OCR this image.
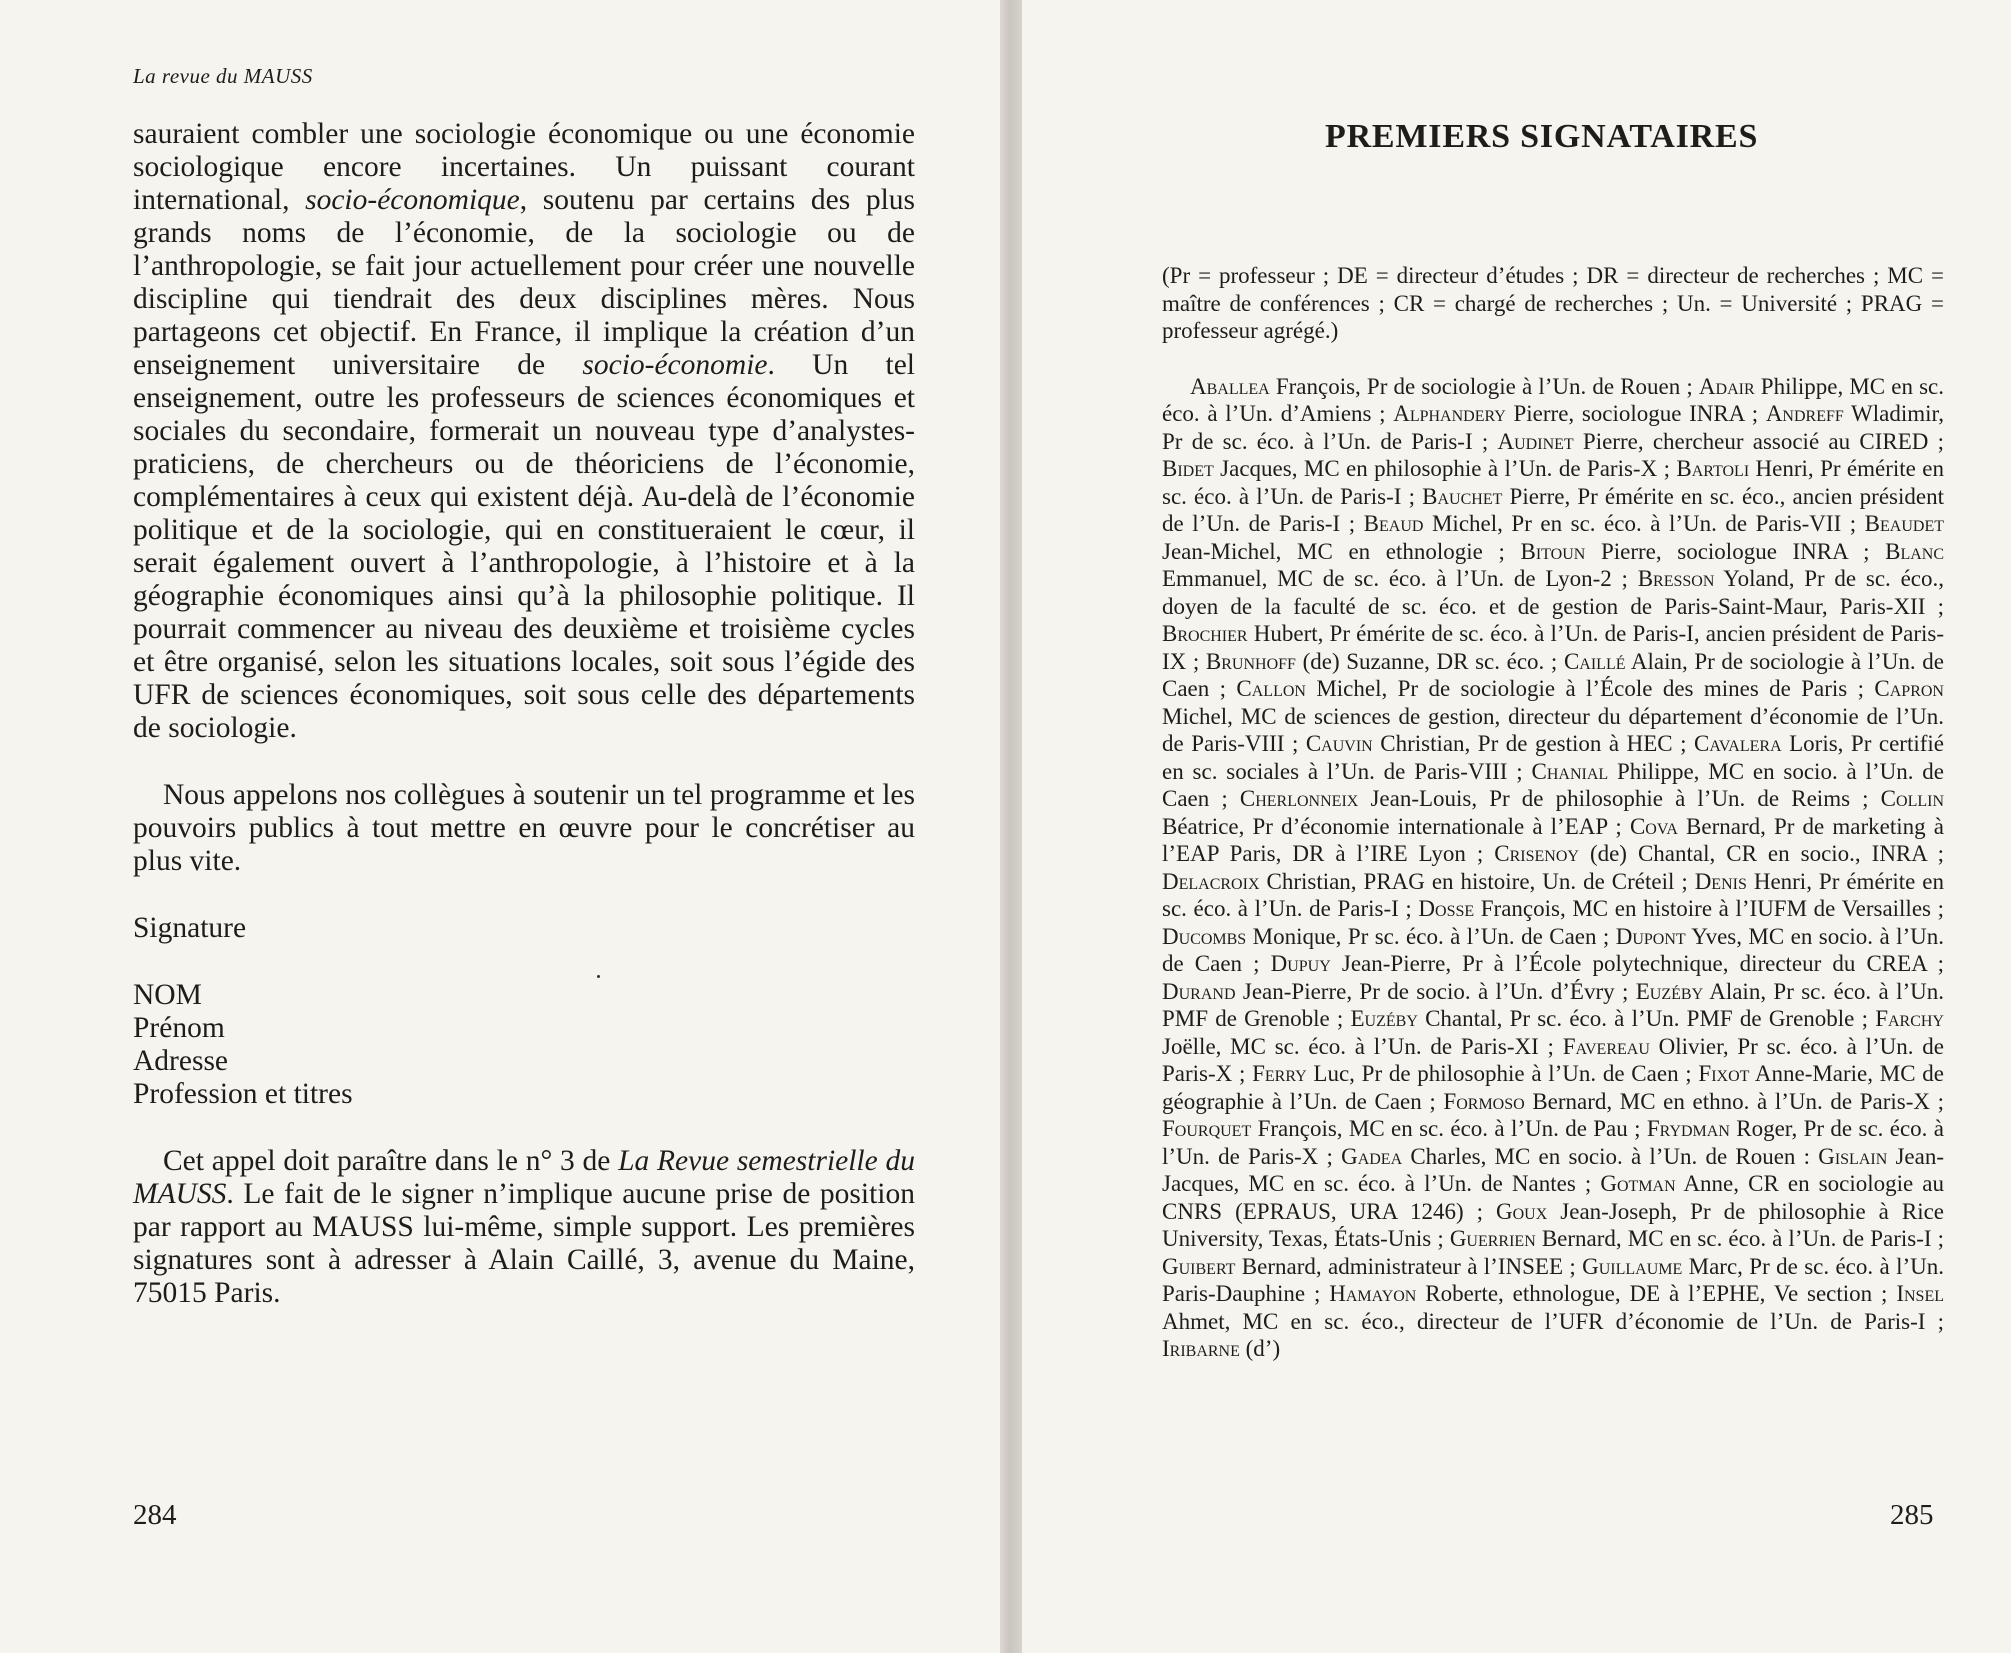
La revue du MAUSS

sauraient combler une sociologie économique ou une économie sociologique encore incertaines. Un puissant courant international, socio-économique, soutenu par certains des plus grands noms de l’économie, de la sociologie ou de l’anthropologie, se fait jour actuellement pour créer une nouvelle discipline qui tiendrait des deux disciplines mères. Nous partageons cet objectif. En France, il implique la création d’un enseignement universitaire de socio-économie. Un tel enseignement, outre les professeurs de sciences économiques et sociales du secondaire, formerait un nouveau type d’analystes-praticiens, de chercheurs ou de théoriciens de l’économie, complémentaires à ceux qui existent déjà. Au-delà de l’économie politique et de la sociologie, qui en constitueraient le cœur, il serait également ouvert à l’anthropologie, à l’histoire et à la géographie économiques ainsi qu’à la philosophie politique. Il pourrait commencer au niveau des deuxième et troisième cycles et être organisé, selon les situations locales, soit sous l’égide des UFR de sciences économiques, soit sous celle des départements de sociologie.

Nous appelons nos collègues à soutenir un tel programme et les pouvoirs publics à tout mettre en œuvre pour le concrétiser au plus vite.

Signature

NOM

Prénom

Adresse

Profession et titres

Cet appel doit paraître dans le n° 3 de La Revue semestrielle du MAUSS. Le fait de le signer n’implique aucune prise de position par rapport au MAUSS lui-même, simple support. Les premières signatures sont à adresser à Alain Caillé, 3, avenue du Maine, 75015 Paris.

284
PREMIERS SIGNATAIRES

(Pr = professeur ; DE = directeur d’études ; DR = directeur de recherches ; MC = maître de conférences ; CR = chargé de recherches ; Un. = Université ; PRAG = professeur agrégé.)

Aballea François, Pr de sociologie à l’Un. de Rouen ; Adair Philippe, MC en sc. éco. à l’Un. d’Amiens ; Alphandery Pierre, sociologue INRA ; Andreff Wladimir, Pr de sc. éco. à l’Un. de Paris-I ; Audinet Pierre, chercheur associé au CIRED ; Bidet Jacques, MC en philosophie à l’Un. de Paris-X ; Bartoli Henri, Pr émérite en sc. éco. à l’Un. de Paris-I ; Bauchet Pierre, Pr émérite en sc. éco., ancien président de l’Un. de Paris-I ; Beaud Michel, Pr en sc. éco. à l’Un. de Paris-VII ; Beaudet Jean-Michel, MC en ethnologie ; Bitoun Pierre, sociologue INRA ; Blanc Emmanuel, MC de sc. éco. à l’Un. de Lyon-2 ; Bresson Yoland, Pr de sc. éco., doyen de la faculté de sc. éco. et de gestion de Paris-Saint-Maur, Paris-XII ; Brochier Hubert, Pr émérite de sc. éco. à l’Un. de Paris-I, ancien président de Paris-IX ; Brunhoff (de) Suzanne, DR sc. éco. ; Caillé Alain, Pr de sociologie à l’Un. de Caen ; Callon Michel, Pr de sociologie à l’École des mines de Paris ; Capron Michel, MC de sciences de gestion, directeur du département d’économie de l’Un. de Paris-VIII ; Cauvin Christian, Pr de gestion à HEC ; Cavalera Loris, Pr certifié en sc. sociales à l’Un. de Paris-VIII ; Chanial Philippe, MC en socio. à l’Un. de Caen ; Cherlonneix Jean-Louis, Pr de philosophie à l’Un. de Reims ; Collin Béatrice, Pr d’économie internationale à l’EAP ; Cova Bernard, Pr de marketing à l’EAP Paris, DR à l’IRE Lyon ; Crisenoy (de) Chantal, CR en socio., INRA ; Delacroix Christian, PRAG en histoire, Un. de Créteil ; Denis Henri, Pr émérite en sc. éco. à l’Un. de Paris-I ; Dosse François, MC en histoire à l’IUFM de Versailles ; Ducombs Monique, Pr sc. éco. à l’Un. de Caen ; Dupont Yves, MC en socio. à l’Un. de Caen ; Dupuy Jean-Pierre, Pr à l’École polytechnique, directeur du CREA ; Durand Jean-Pierre, Pr de socio. à l’Un. d’Évry ; Euzéby Alain, Pr sc. éco. à l’Un. PMF de Grenoble ; Euzéby Chantal, Pr sc. éco. à l’Un. PMF de Grenoble ; Farchy Joëlle, MC sc. éco. à l’Un. de Paris-XI ; Favereau Olivier, Pr sc. éco. à l’Un. de Paris-X ; Ferry Luc, Pr de philosophie à l’Un. de Caen ; Fixot Anne-Marie, MC de géographie à l’Un. de Caen ; Formoso Bernard, MC en ethno. à l’Un. de Paris-X ; Fourquet François, MC en sc. éco. à l’Un. de Pau ; Frydman Roger, Pr de sc. éco. à l’Un. de Paris-X ; Gadea Charles, MC en socio. à l’Un. de Rouen : Gislain Jean-Jacques, MC en sc. éco. à l’Un. de Nantes ; Gotman Anne, CR en sociologie au CNRS (EPRAUS, URA 1246) ; Goux Jean-Joseph, Pr de philosophie à Rice University, Texas, États-Unis ; Guerrien Bernard, MC en sc. éco. à l’Un. de Paris-I ; Guibert Bernard, administrateur à l’INSEE ; Guillaume Marc, Pr de sc. éco. à l’Un. Paris-Dauphine ; Hamayon Roberte, ethnologue, DE à l’EPHE, Ve section ; Insel Ahmet, MC en sc. éco., directeur de l’UFR d’économie de l’Un. de Paris-I ; Iribarne (d’)

285
